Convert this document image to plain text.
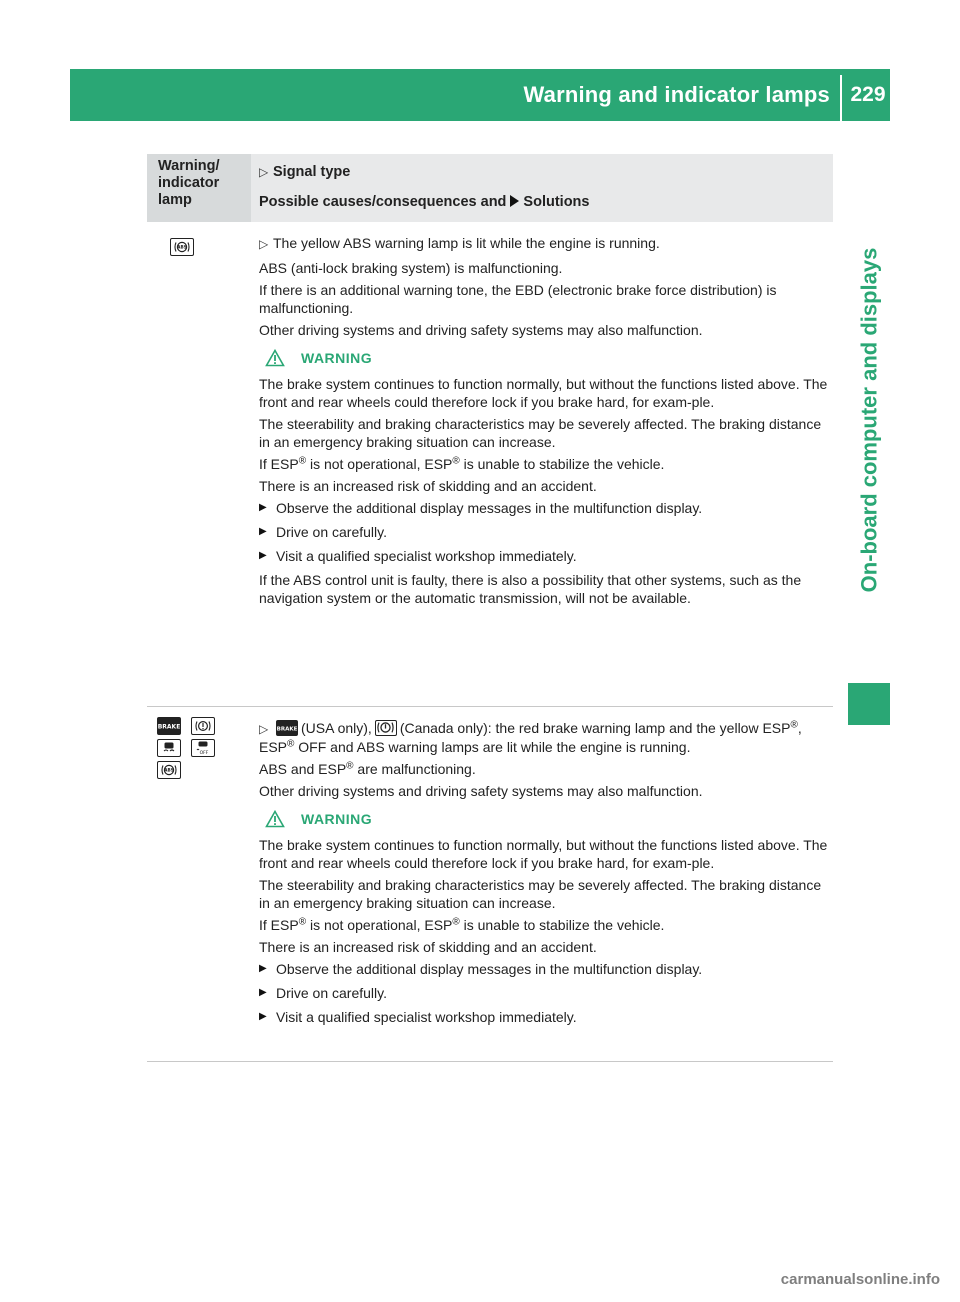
Warning and indicator lamps 229
On-board computer and displays
Warning/
indicator
lamp
▷ Signal type
Possible causes/consequences and Solutions
ABS	▷ The yellow ABS warning lamp is lit while the engine is running.

ABS (anti-lock braking system) is malfunctioning.

If there is an additional warning tone, the EBD (electronic brake force distribution) is malfunctioning.

Other driving systems and driving safety systems may also malfunction.

WARNING

The brake system continues to function normally, but without the functions listed above. The front and rear wheels could therefore lock if you brake hard, for exam-ple.

The steerability and braking characteristics may be severely affected. The braking distance in an emergency braking situation can increase.

If ESP® is not operational, ESP® is unable to stabilize the vehicle.

There is an increased risk of skidding and an accident.

▶ Observe the additional display messages in the multifunction display.
▶ Drive on carefully.
▶ Visit a qualified specialist workshop immediately.

If the ABS control unit is faulty, there is also a possibility that other systems, such as the navigation system or the automatic transmission, will not be available.

BRAKE
OFF
ABS

▷ BRAKE (USA only), (Canada only): the red brake warning lamp and the yellow ESP®, ESP® OFF and ABS warning lamps are lit while the engine is running.

ABS and ESP® are malfunctioning.

Other driving systems and driving safety systems may also malfunction.

WARNING

The brake system continues to function normally, but without the functions listed above. The front and rear wheels could therefore lock if you brake hard, for exam-ple.

The steerability and braking characteristics may be severely affected. The braking distance in an emergency braking situation can increase.

If ESP® is not operational, ESP® is unable to stabilize the vehicle.

There is an increased risk of skidding and an accident.

▶ Observe the additional display messages in the multifunction display.
▶ Drive on carefully.
▶ Visit a qualified specialist workshop immediately.
carmanualsonline.info
